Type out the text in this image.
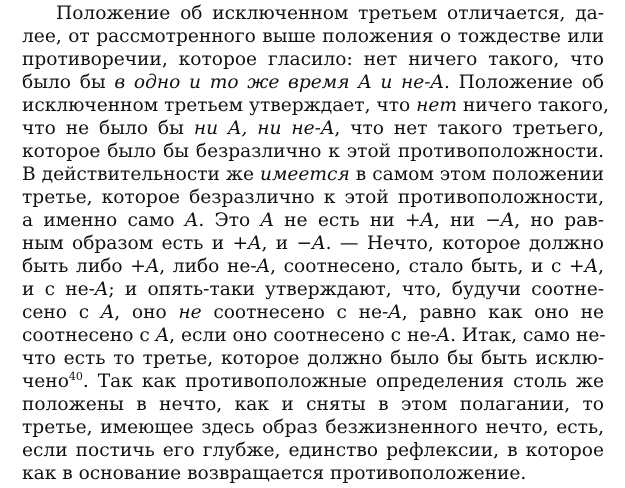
Положение об исключенном третьем отличается, да-
лее, от рассмотренного выше положения о тождестве или
противоречии, которое гласило: нет ничего такого, что
было бы в одно и то же время A и не-A. Положение об
исключенном третьем утверждает, что нет ничего такого,
что не было бы ни A, ни не-A, что нет такого третьего,
которое было бы безразлично к этой противоположности.
В действительности же имеется в самом этом положении
третье, которое безразлично к этой противоположности,
а именно само A. Это A не есть ни +A, ни −A, но рав-
ным образом есть и +A, и −A. — Нечто, которое должно
быть либо +A, либо не-A, соотнесено, стало быть, и с +A,
и с не-A; и опять-таки утверждают, что, будучи соотне-
сено с A, оно не соотнесено с не-A, равно как оно не
соотнесено с A, если оно соотнесено с не-A. Итак, само не-
что есть то третье, которое должно было бы быть исклю-
чено$^{40}$. Так как противоположные определения столь же
положены в нечто, как и сняты в этом полагании, то
третье, имеющее здесь образ безжизненного нечто, есть,
если постичь его глубже, единство рефлексии, в которое
как в основание возвращается противоположение.
